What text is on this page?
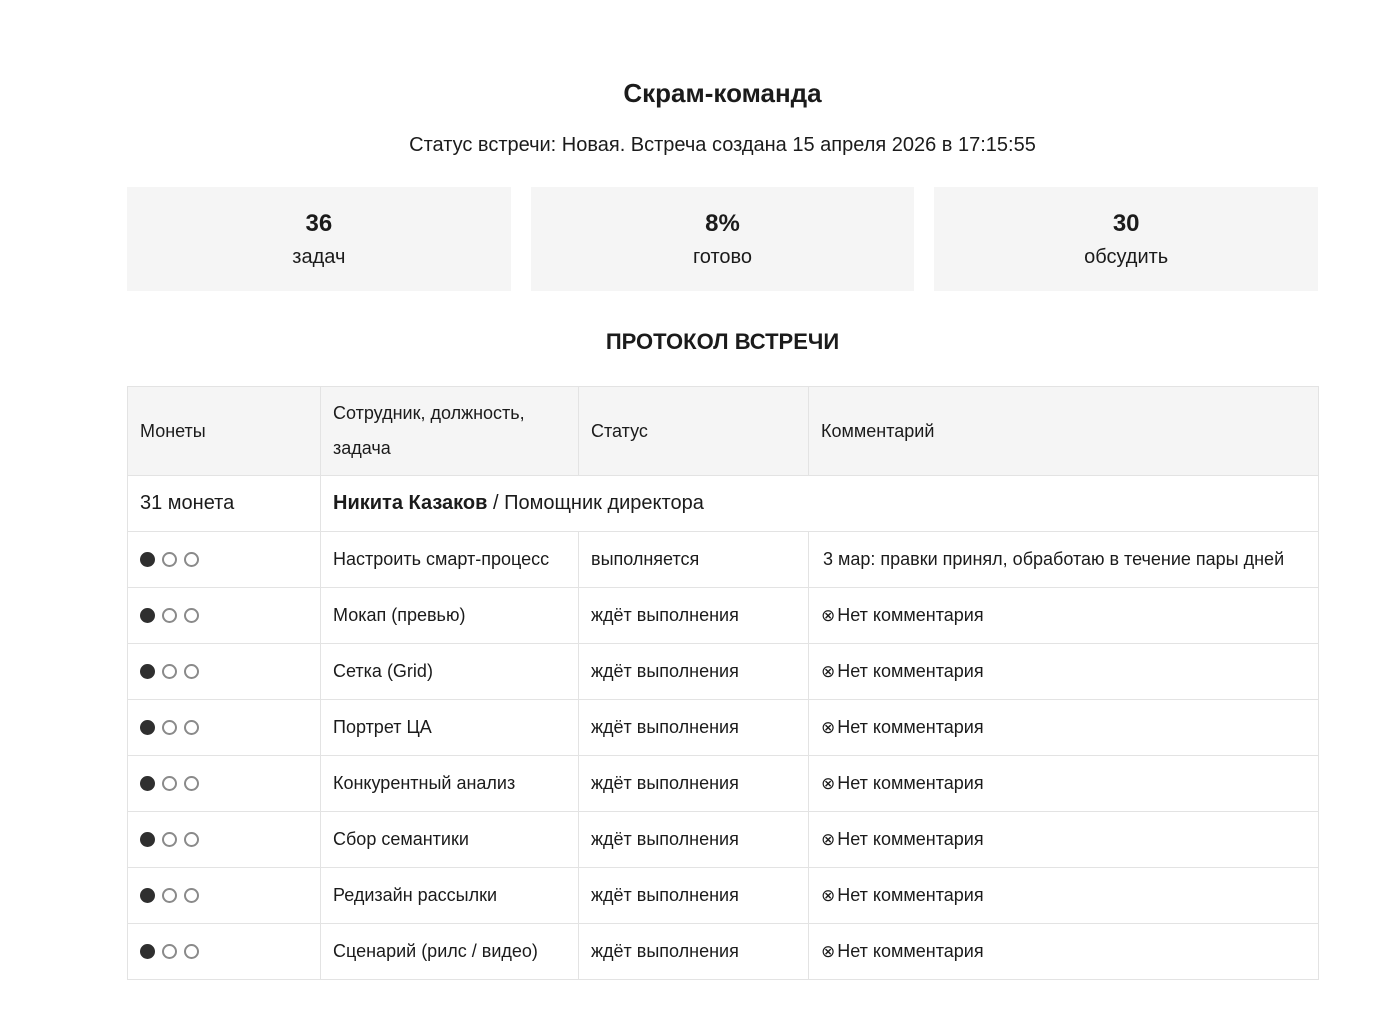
Скрам-команда

Статус встречи: Новая. Встреча создана 15 апреля 2026 в 17:15:55

36
задач
8%
готово
30
обсудить
ПРОТОКОЛ ВСТРЕЧИ
Монеты	Сотрудник, должность, задача	Статус	Комментарий
31 монета	Никита Казаков / Помощник директора		
	Настроить смарт-процесс	выполняется	3 мар: правки принял, обработаю в течение пары дней
	Мокап (превью)	ждёт выполнения	⊗ Нет комментария
	Сетка (Grid)	ждёт выполнения	⊗ Нет комментария
	Портрет ЦА	ждёт выполнения	⊗ Нет комментария
	Конкурентный анализ	ждёт выполнения	⊗ Нет комментария
	Сбор семантики	ждёт выполнения	⊗ Нет комментария
	Редизайн рассылки	ждёт выполнения	⊗ Нет комментария
	Сценарий (рилс / видео)	ждёт выполнения	⊗ Нет комментария
